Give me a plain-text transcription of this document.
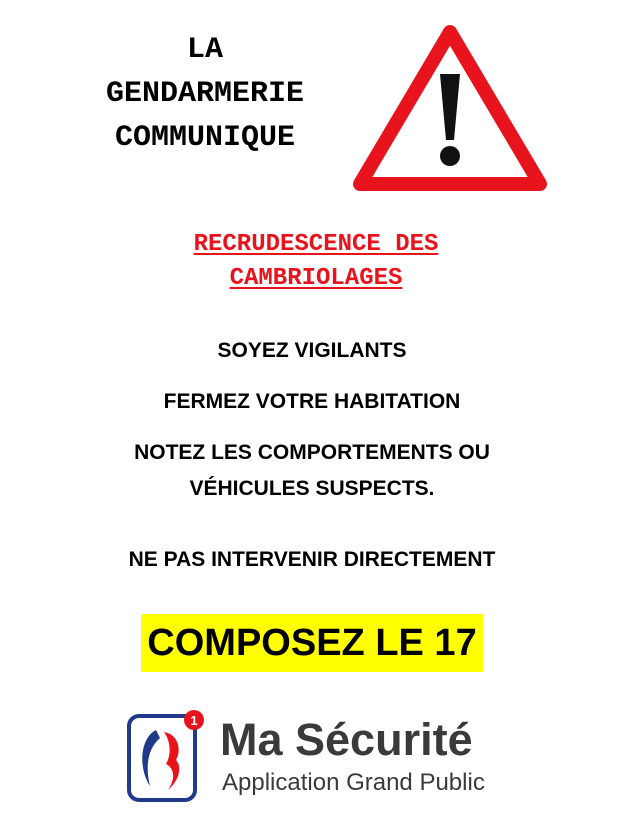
LA
GENDARMERIE
COMMUNIQUE
RECRUDESCENCE DES
CAMBRIOLAGES
SOYEZ VIGILANTS
FERMEZ VOTRE HABITATION
NOTEZ LES COMPORTEMENTS OU
VÉHICULES SUSPECTS.
NE PAS INTERVENIR DIRECTEMENT
COMPOSEZ LE 17
1 Ma Sécurité
Application Grand Public
